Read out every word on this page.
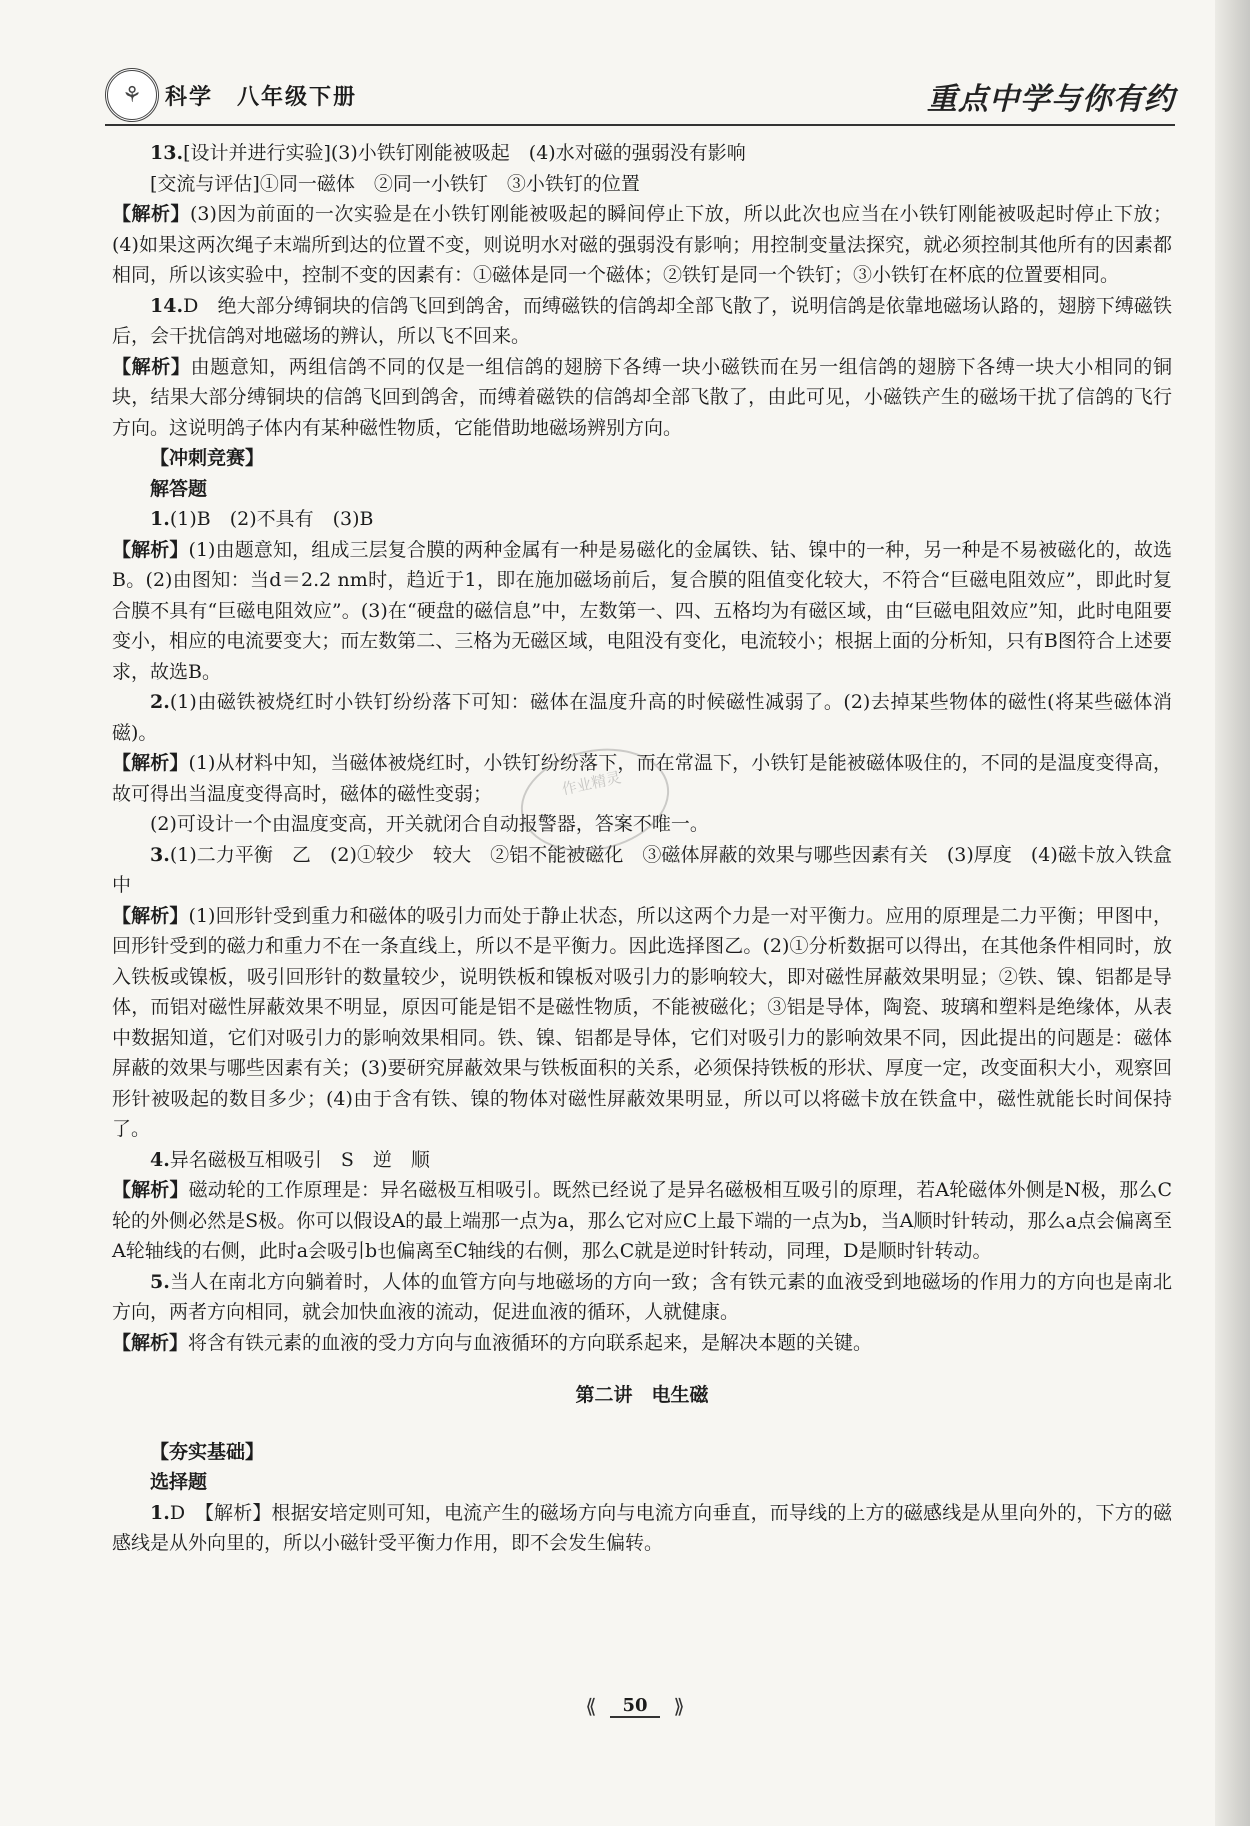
⚘	科学　八年级下册	重点中学与你有约

13.[设计并进行实验](3)小铁钉刚能被吸起　(4)水对磁的强弱没有影响

[交流与评估]①同一磁体　②同一小铁钉　③小铁钉的位置

【解析】(3)因为前面的一次实验是在小铁钉刚能被吸起的瞬间停止下放，所以此次也应当在小铁钉刚能被吸起时停止下放；(4)如果这两次绳子末端所到达的位置不变，则说明水对磁的强弱没有影响；用控制变量法探究，就必须控制其他所有的因素都相同，所以该实验中，控制不变的因素有：①磁体是同一个磁体；②铁钉是同一个铁钉；③小铁钉在杯底的位置要相同。

14.D　绝大部分缚铜块的信鸽飞回到鸽舍，而缚磁铁的信鸽却全部飞散了，说明信鸽是依靠地磁场认路的，翅膀下缚磁铁后，会干扰信鸽对地磁场的辨认，所以飞不回来。

【解析】由题意知，两组信鸽不同的仅是一组信鸽的翅膀下各缚一块小磁铁而在另一组信鸽的翅膀下各缚一块大小相同的铜块，结果大部分缚铜块的信鸽飞回到鸽舍，而缚着磁铁的信鸽却全部飞散了，由此可见，小磁铁产生的磁场干扰了信鸽的飞行方向。这说明鸽子体内有某种磁性物质，它能借助地磁场辨别方向。

【冲刺竞赛】

解答题

1.(1)B　(2)不具有　(3)B

【解析】(1)由题意知，组成三层复合膜的两种金属有一种是易磁化的金属铁、钴、镍中的一种，另一种是不易被磁化的，故选B。(2)由图知：当d＝2.2 nm时，趋近于1，即在施加磁场前后，复合膜的阻值变化较大，不符合“巨磁电阻效应”，即此时复合膜不具有“巨磁电阻效应”。(3)在“硬盘的磁信息”中，左数第一、四、五格均为有磁区域，由“巨磁电阻效应”知，此时电阻要变小，相应的电流要变大；而左数第二、三格为无磁区域，电阻没有变化，电流较小；根据上面的分析知，只有B图符合上述要求，故选B。

2.(1)由磁铁被烧红时小铁钉纷纷落下可知：磁体在温度升高的时候磁性减弱了。(2)去掉某些物体的磁性(将某些磁体消磁)。

【解析】(1)从材料中知，当磁体被烧红时，小铁钉纷纷落下，而在常温下，小铁钉是能被磁体吸住的，不同的是温度变得高，故可得出当温度变得高时，磁体的磁性变弱；

(2)可设计一个由温度变高，开关就闭合自动报警器，答案不唯一。

3.(1)二力平衡　乙　(2)①较少　较大　②铝不能被磁化　③磁体屏蔽的效果与哪些因素有关　(3)厚度　(4)磁卡放入铁盒中

【解析】(1)回形针受到重力和磁体的吸引力而处于静止状态，所以这两个力是一对平衡力。应用的原理是二力平衡；甲图中，回形针受到的磁力和重力不在一条直线上，所以不是平衡力。因此选择图乙。(2)①分析数据可以得出，在其他条件相同时，放入铁板或镍板，吸引回形针的数量较少，说明铁板和镍板对吸引力的影响较大，即对磁性屏蔽效果明显；②铁、镍、铝都是导体，而铝对磁性屏蔽效果不明显，原因可能是铝不是磁性物质，不能被磁化；③铝是导体，陶瓷、玻璃和塑料是绝缘体，从表中数据知道，它们对吸引力的影响效果相同。铁、镍、铝都是导体，它们对吸引力的影响效果不同，因此提出的问题是：磁体屏蔽的效果与哪些因素有关；(3)要研究屏蔽效果与铁板面积的关系，必须保持铁板的形状、厚度一定，改变面积大小，观察回形针被吸起的数目多少；(4)由于含有铁、镍的物体对磁性屏蔽效果明显，所以可以将磁卡放在铁盒中，磁性就能长时间保持了。

4.异名磁极互相吸引　S　逆　顺

【解析】磁动轮的工作原理是：异名磁极互相吸引。既然已经说了是异名磁极相互吸引的原理，若A轮磁体外侧是N极，那么C轮的外侧必然是S极。你可以假设A的最上端那一点为a，那么它对应C上最下端的一点为b，当A顺时针转动，那么a点会偏离至A轮轴线的右侧，此时a会吸引b也偏离至C轴线的右侧，那么C就是逆时针转动，同理，D是顺时针转动。

5.当人在南北方向躺着时，人体的血管方向与地磁场的方向一致；含有铁元素的血液受到地磁场的作用力的方向也是南北方向，两者方向相同，就会加快血液的流动，促进血液的循环，人就健康。

【解析】将含有铁元素的血液的受力方向与血液循环的方向联系起来，是解决本题的关键。

第二讲　电生磁

【夯实基础】

选择题

1.D　【解析】根据安培定则可知，电流产生的磁场方向与电流方向垂直，而导线的上方的磁感线是从里向外的，下方的磁感线是从外向里的，所以小磁针受平衡力作用，即不会发生偏转。

作业精灵
⟪	50	⟫
